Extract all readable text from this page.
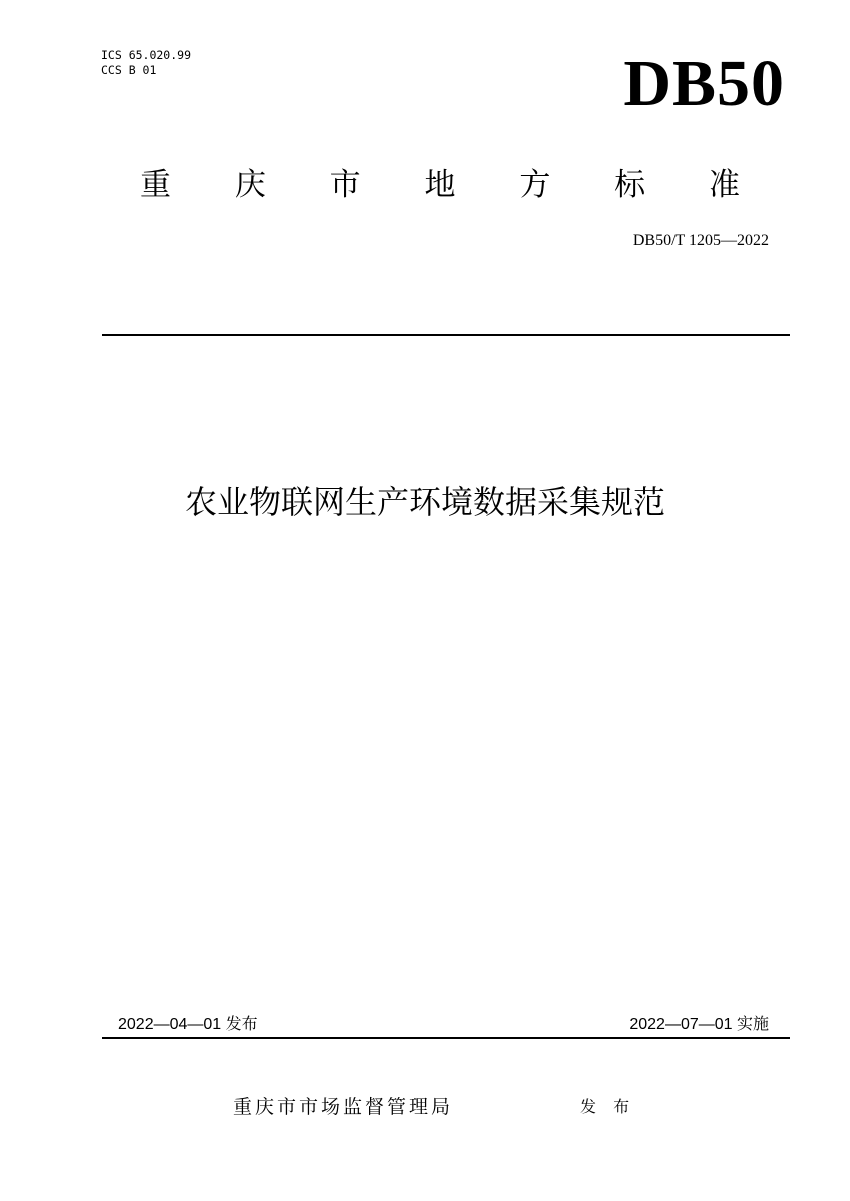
ICS 65.020.99
CCS B 01	DB50
重 庆 市 地 方 标 准
DB50/T 1205—2022
农业物联网生产环境数据采集规范
2022—04—01 发布	2022—07—01 实施
重庆市市场监督管理局	发 布
